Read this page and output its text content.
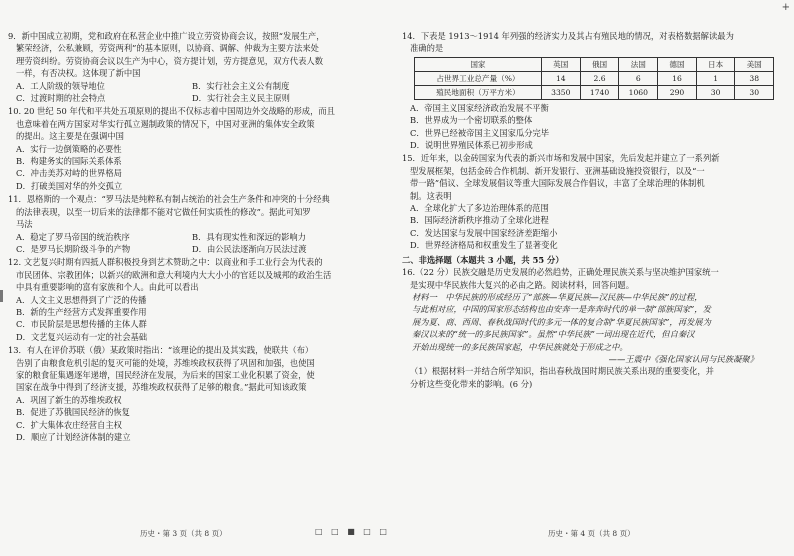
+
9．新中国成立初期，党和政府在私营企业中推广设立劳资协商会议，按照“发展生产，
繁荣经济，公私兼顾，劳资两利”的基本原则，以协商、调解、仲裁为主要方法来处
理劳资纠纷。劳资协商会议以生产为中心，资方提计划，劳方提意见，双方代表人数
一样，有否决权。这体现了新中国
A．工人阶级的领导地位	B．实行社会主义公有制度
C．过渡时期的社会特点	D．实行社会主义民主原则
10. 20 世纪 50 年代和平共处五项原则的提出不仅标志着中国周边外交战略的形成，而且
也意味着在两方国家对华实行孤立遏制政策的情况下，中国对亚洲的集体安全政策
的提出。这主要是在强调中国
A．实行一边倒策略的必要性
B．构建务实的国际关系体系
C．冲击美苏对峙的世界格局
D．打破美国对华的外交孤立
11．恩格斯的一个观点：“罗马法是纯粹私有制占统治的社会生产条件和冲突的十分经典
的法律表现，以至一切后来的法律都不能对它做任何实质性的修改”。据此可知罗
马法
A．稳定了罗马帝国的统治秩序	B．具有现实性和深远的影响力
C．是罗马长期阶级斗争的产物	D．由公民法逐渐向万民法过渡
12. 文艺复兴时期有四抵人群积极投身到艺术赞助之中：以商业和手工业行会为代表的
市民团体、宗教团体；以新兴的欧洲和意大利境内大大小小的官廷以及城邦的政治生活
中具有重要影响的富有家族和个人。由此可以看出
A．人文主义思想得到了广泛的传播
B．新的生产经营方式发挥重要作用
C．市民阶层是思想传播的主体人群
D．文艺复兴运动有一定的社会基础
13．有人在评价苏联（俄）某政策时指出：“该理论的提出及其实践，使联共（布）
告别了由粮食危机引起的复灭可能的处境，苏维埃政权获得了巩固和加强，也使国
家的粮食征集遇逐年递增，国民经济在发展，为后来的国家工业化积累了资金，使
国家在战争中得到了经济支援，苏维埃政权获得了足够的粮食。”据此可知该政策
A．巩固了新生的苏维埃政权
B．促进了苏俄国民经济的恢复
C．扩大集体农庄经营自主权
D．顺应了计划经济体制的建立
历史・第 3 页（共 8 页）	□ □ ■ □ □	历史・第 4 页（共 8 页）
14．下表是 1913～1914 年列强的经济实力及其占有殖民地的情况，对表格数据解读最为
准确的是
国家	英国	俄国	法国	德国	日本	美国
占世界工业总产量（%）	14	2.6	6	16	1	38
殖民地面积（万平方米）	3350	1740	1060	290	30	30
A．帝国主义国家经济政治发展不平衡
B．世界成为一个密切联系的整体
C．世界已经被帝国主义国家瓜分完毕
D．说明世界殖民体系已初步形成
15．近年来，以金砖国家为代表的新兴市场和发展中国家，先后发起并建立了一系列新
型发展框架，包括金砖合作机制、新开发银行、亚洲基础设施投资银行，以及“一
带一路”倡议、全球发展倡议等重大国际发展合作倡议，丰富了全球治理的体制机
制。这表明
A．全球化扩大了多边治理体系的范围
B．国际经济新秩序推动了全球化进程
C．发达国家与发展中国家经济差距缩小
D．世界经济格局和权重发生了显著变化
二、非选择题（本题共 3 小题，共 55 分）
16.（22 分）民族交融是历史发展的必然趋势，正确处理民族关系与坚决维护国家统一
是实现中华民族伟大复兴的必由之路。阅读材料，回答问题。
材料一　中华民族的形成经历了“部族—华夏民族—汉民族—中华民族”的过程，
与此相对应，中国的国家形态结构也由安奔一是奔奔时代的单一制“部族国家”，发
展为夏、商、西周、春秋战国时代的多元一体的复合制“华夏民族国家”，再发展为
秦汉以来的“统一的多民族国家”。虽然“中华民族”一词出现在近代，但自秦汉
开始出现统一的多民族国家起，中华民族就处于形成之中。
——王震中《强化国家认同与民族凝聚》
（1）根据材料一并结合所学知识，指出春秋战国时期民族关系出现的重要变化，并
分析这些变化带来的影响。(6 分)
